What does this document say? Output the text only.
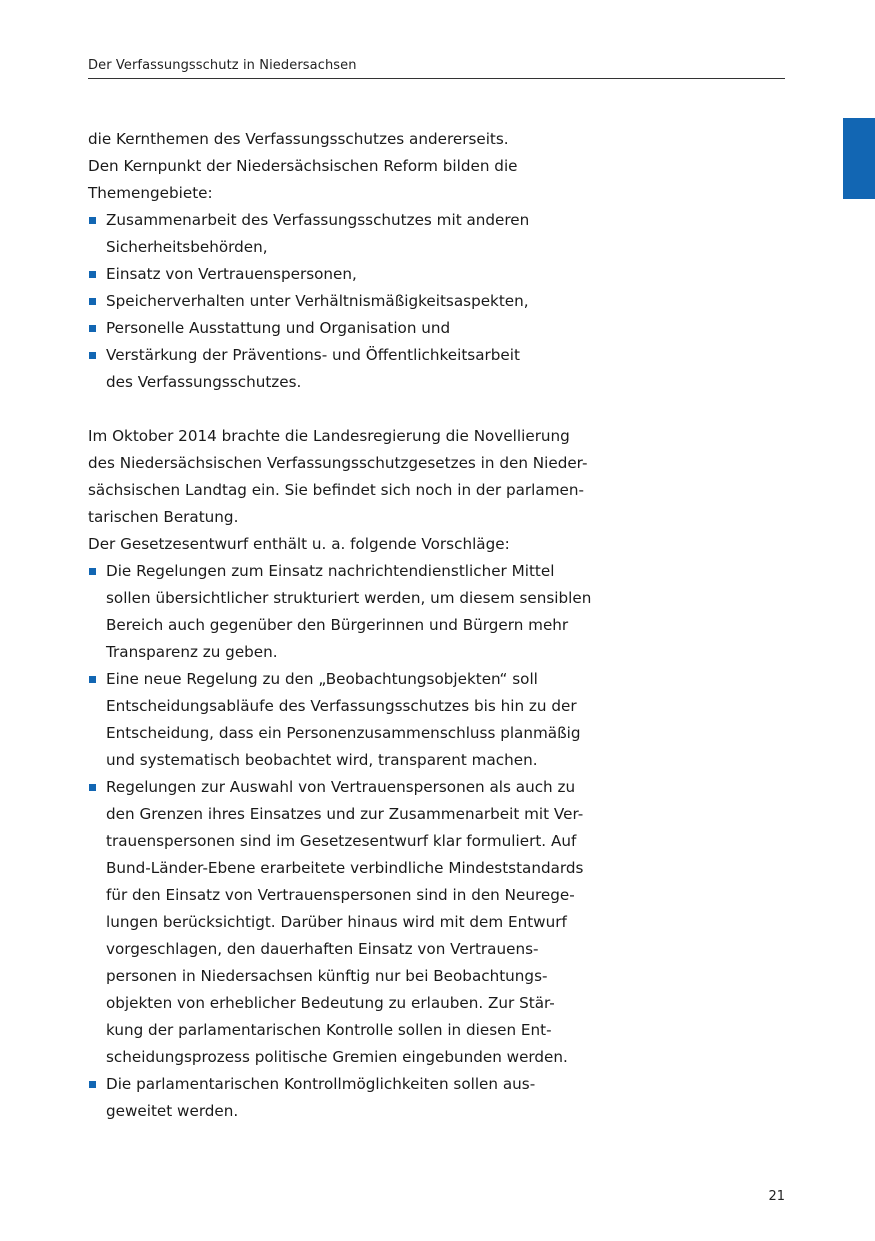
Der Verfassungsschutz in Niedersachsen
die Kernthemen des Verfassungsschutzes andererseits.
Den Kernpunkt der Niedersächsischen Reform bilden die
Themengebiete:
Zusammenarbeit des Verfassungsschutzes mit anderen
Sicherheitsbehörden,
Einsatz von Vertrauenspersonen,
Speicherverhalten unter Verhältnismäßigkeitsaspekten,
Personelle Ausstattung und Organisation und
Verstärkung der Präventions- und Öffentlichkeitsarbeit
des Verfassungsschutzes.
Im Oktober 2014 brachte die Landesregierung die Novellierung
des Niedersächsischen Verfassungsschutzgesetzes in den Nieder-
sächsischen Landtag ein. Sie befindet sich noch in der parlamen-
tarischen Beratung.
Der Gesetzesentwurf enthält u. a. folgende Vorschläge:
Die Regelungen zum Einsatz nachrichtendienstlicher Mittel
sollen übersichtlicher strukturiert werden, um diesem sensiblen
Bereich auch gegenüber den Bürgerinnen und Bürgern mehr
Transparenz zu geben.
Eine neue Regelung zu den „Beobachtungsobjekten“ soll
Entscheidungsabläufe des Verfassungsschutzes bis hin zu der
Entscheidung, dass ein Personenzusammenschluss planmäßig
und systematisch beobachtet wird, transparent machen.
Regelungen zur Auswahl von Vertrauenspersonen als auch zu
den Grenzen ihres Einsatzes und zur Zusammenarbeit mit Ver-
trauenspersonen sind im Gesetzesentwurf klar formuliert. Auf
Bund-Länder-Ebene erarbeitete verbindliche Mindeststandards
für den Einsatz von Vertrauenspersonen sind in den Neurege-
lungen berücksichtigt. Darüber hinaus wird mit dem Entwurf
vorgeschlagen, den dauerhaften Einsatz von Vertrauens-
personen in Niedersachsen künftig nur bei Beobachtungs-
objekten von erheblicher Bedeutung zu erlauben. Zur Stär-
kung der parlamentarischen Kontrolle sollen in diesen Ent-
scheidungsprozess politische Gremien eingebunden werden.
Die parlamentarischen Kontrollmöglichkeiten sollen aus-
geweitet werden.
21
